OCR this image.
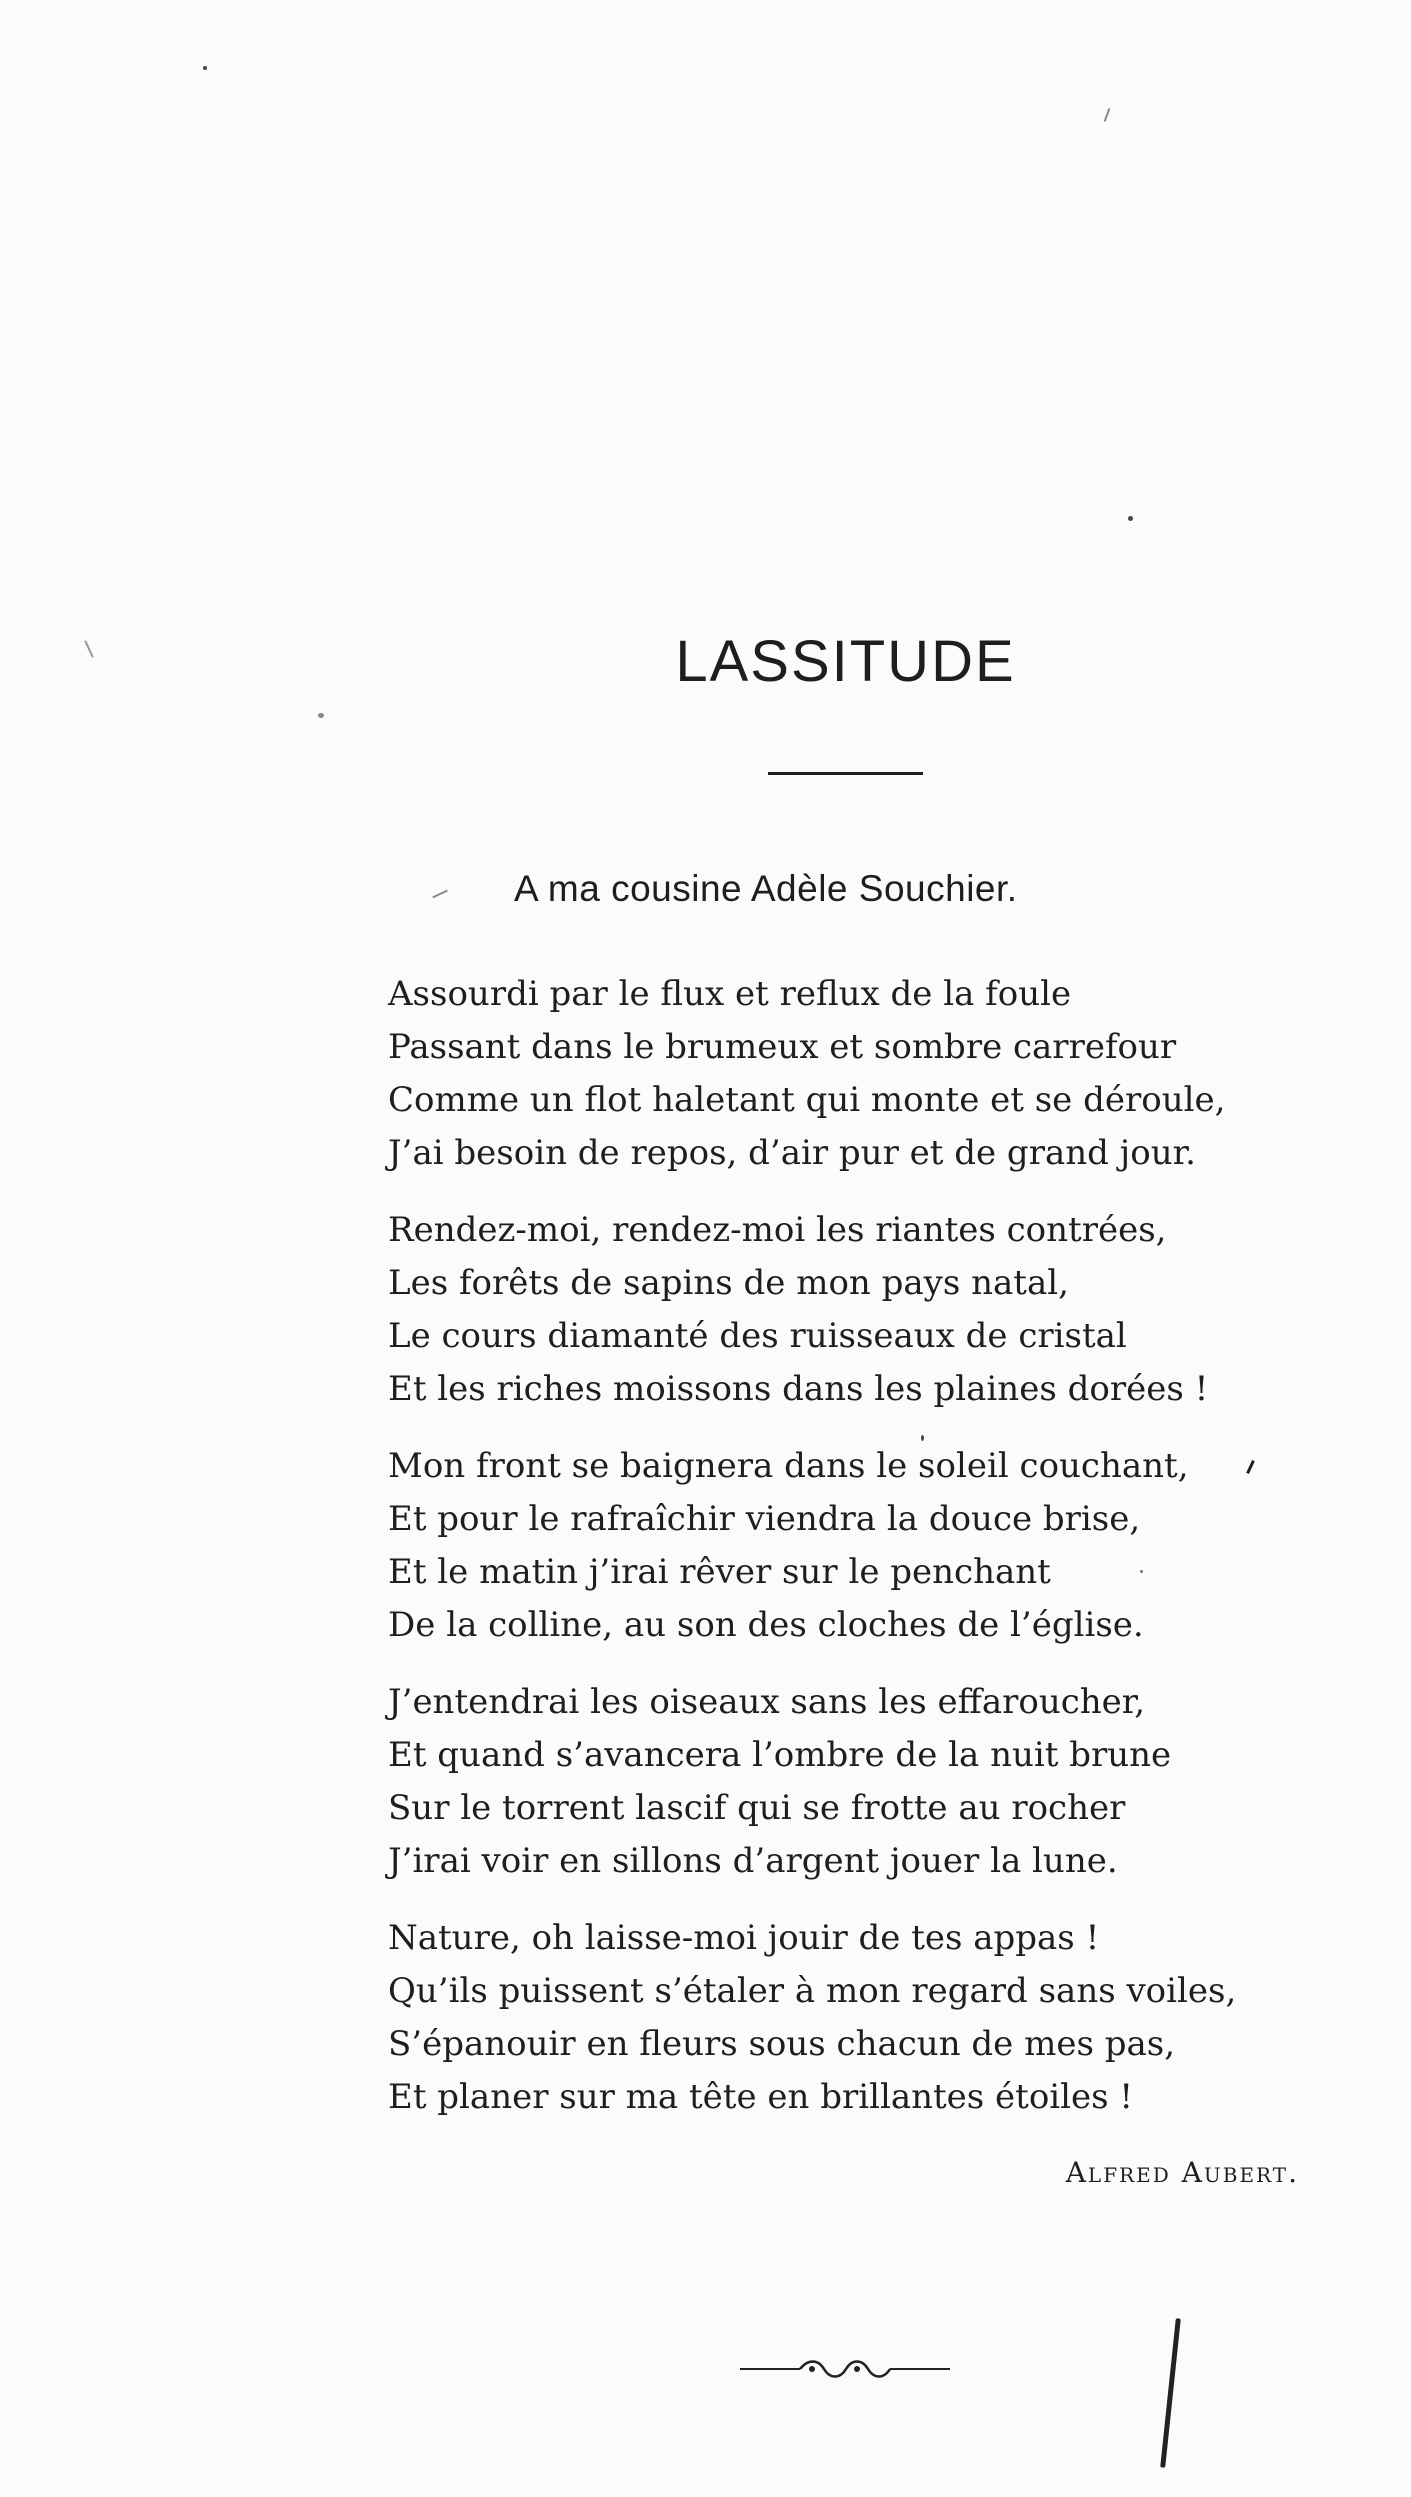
LASSITUDE
A ma cousine Adèle Souchier.
Assourdi par le flux et reflux de la foule
Passant dans le brumeux et sombre carrefour
Comme un flot haletant qui monte et se déroule,
J’ai besoin de repos, d’air pur et de grand jour.
Rendez-moi, rendez-moi les riantes contrées,
Les forêts de sapins de mon pays natal,
Le cours diamanté des ruisseaux de cristal
Et les riches moissons dans les plaines dorées !
Mon front se baignera dans le soleil couchant,
Et pour le rafraîchir viendra la douce brise,
Et le matin j’irai rêver sur le penchant
De la colline, au son des cloches de l’église.
J’entendrai les oiseaux sans les effaroucher,
Et quand s’avancera l’ombre de la nuit brune
Sur le torrent lascif qui se frotte au rocher
J’irai voir en sillons d’argent jouer la lune.
Nature, oh laisse-moi jouir de tes appas !
Qu’ils puissent s’étaler à mon regard sans voiles,
S’épanouir en fleurs sous chacun de mes pas,
Et planer sur ma tête en brillantes étoiles !
Alfred Aubert.
